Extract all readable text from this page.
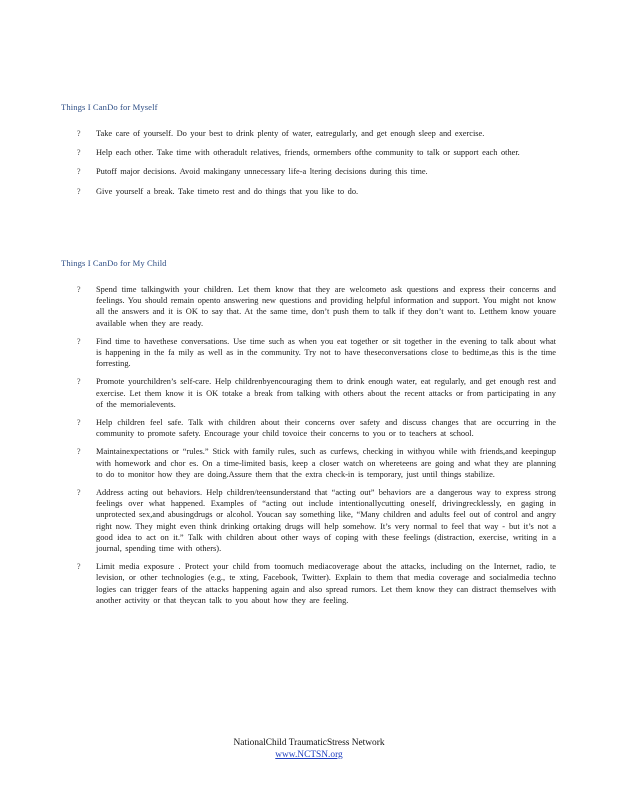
Things I CanDo for Myself
? Take care of yourself. Do your best to drink plenty of water, eatregularly, and get enough sleep and exercise.
? Help each other. Take time with otheradult relatives, friends, ormembers ofthe community to talk or support each other.
? Putoff major decisions. Avoid makingany unnecessary life-a ltering decisions during this time.
? Give yourself a break. Take timeto rest and do things that you like to do.
Things I CanDo for My Child
? Spend time talkingwith your children. Let them know that they are welcometo ask questions and express their concerns and feelings. You should remain opento answering new questions and providing helpful information and support. You might not know all the answers and it is OK to say that. At the same time, don’t push them to talk if they don’t want to. Letthem know youare available when they are ready.
? Find time to havethese conversations. Use time such as when you eat together or sit together in the evening to talk about what is happening in the fa mily as well as in the community. Try not to have theseconversations close to bedtime,as this is the time forresting.
? Promote yourchildren’s self-care. Help childrenbyencouraging them to drink enough water, eat regularly, and get enough rest and exercise. Let them know it is OK totake a break from talking with others about the recent attacks or from participating in any of the memorialevents.
? Help children feel safe. Talk with children about their concerns over safety and discuss changes that are occurring in the community to promote safety. Encourage your child tovoice their concerns to you or to teachers at school.
? Maintainexpectations or “rules.” Stick with family rules, such as curfews, checking in withyou while with friends,and keepingup with homework and chor es. On a time-limited basis, keep a closer watch on whereteens are going and what they are planning to do to monitor how they are doing.Assure them that the extra check-in is temporary, just until things stabilize.
? Address acting out behaviors. Help children/teensunderstand that “acting out” behaviors are a dangerous way to express strong feelings over what happened. Examples of “acting out include intentionallycutting oneself, drivingrecklessly, en gaging in unprotected sex,and abusingdrugs or alcohol. Youcan say something like, “Many children and adults feel out of control and angry right now. They might even think drinking ortaking drugs will help somehow. It’s very normal to feel that way - but it’s not a good idea to act on it.” Talk with children about other ways of coping with these feelings (distraction, exercise, writing in a journal, spending time with others).
? Limit media exposure . Protect your child from toomuch mediacoverage about the attacks, including on the Internet, radio, te levision, or other technologies (e.g., te xting, Facebook, Twitter). Explain to them that media coverage and socialmedia techno logies can trigger fears of the attacks happening again and also spread rumors. Let them know they can distract themselves with another activity or that theycan talk to you about how they are feeling.
NationalChild TraumaticStress Network
www.NCTSN.org
